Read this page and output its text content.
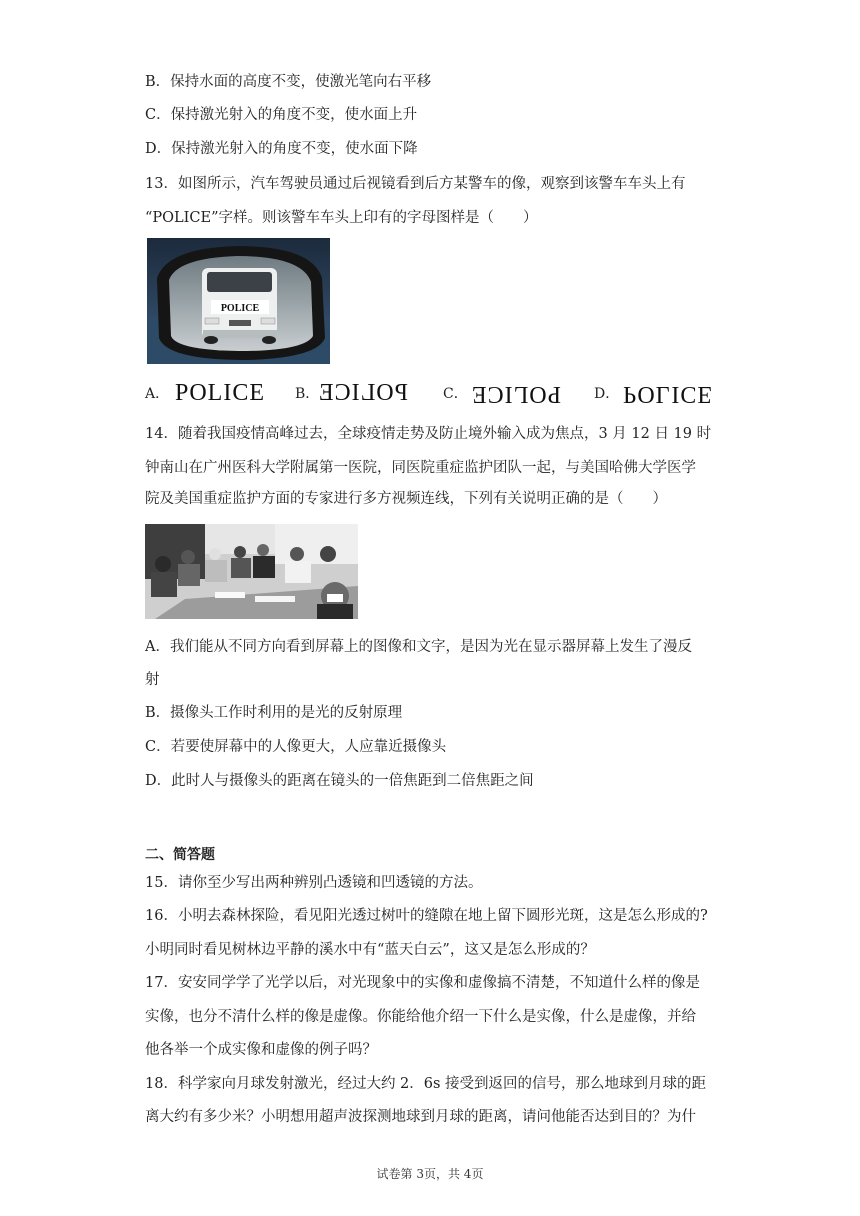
B．保持水面的高度不变，使激光笔向右平移
C．保持激光射入的角度不变，使水面上升
D．保持激光射入的角度不变，使水面下降
13．如图所示，汽车驾驶员通过后视镜看到后方某警车的像，观察到该警车车头上有
“POLICE”字样。则该警车车头上印有的字母图样是（　　）
POLICE
A． POLICE B．
POLICE	C． POLICE D． POLICE
14．随着我国疫情高峰过去，全球疫情走势及防止境外输入成为焦点，3 月 12 日 19 时
钟南山在广州医科大学附属第一医院，同医院重症监护团队一起，与美国哈佛大学医学
院及美国重症监护方面的专家进行多方视频连线，下列有关说明正确的是（　　）
A．我们能从不同方向看到屏幕上的图像和文字，是因为光在显示器屏幕上发生了漫反
射
B．摄像头工作时利用的是光的反射原理
C．若要使屏幕中的人像更大，人应靠近摄像头
D．此时人与摄像头的距离在镜头的一倍焦距到二倍焦距之间
二、简答题
15．请你至少写出两种辨别凸透镜和凹透镜的方法。
16．小明去森林探险，看见阳光透过树叶的缝隙在地上留下圆形光斑，这是怎么形成的?
小明同时看见树林边平静的溪水中有“蓝天白云”，这又是怎么形成的？
17．安安同学学了光学以后，对光现象中的实像和虚像搞不清楚，不知道什么样的像是
实像，也分不清什么样的像是虚像。你能给他介绍一下什么是实像，什么是虚像，并给
他各举一个成实像和虚像的例子吗？
18．科学家向月球发射激光，经过大约 2．6s 接受到返回的信号，那么地球到月球的距
离大约有多少米？小明想用超声波探测地球到月球的距离，请问他能否达到目的？为什
试卷第 3页，共 4页
